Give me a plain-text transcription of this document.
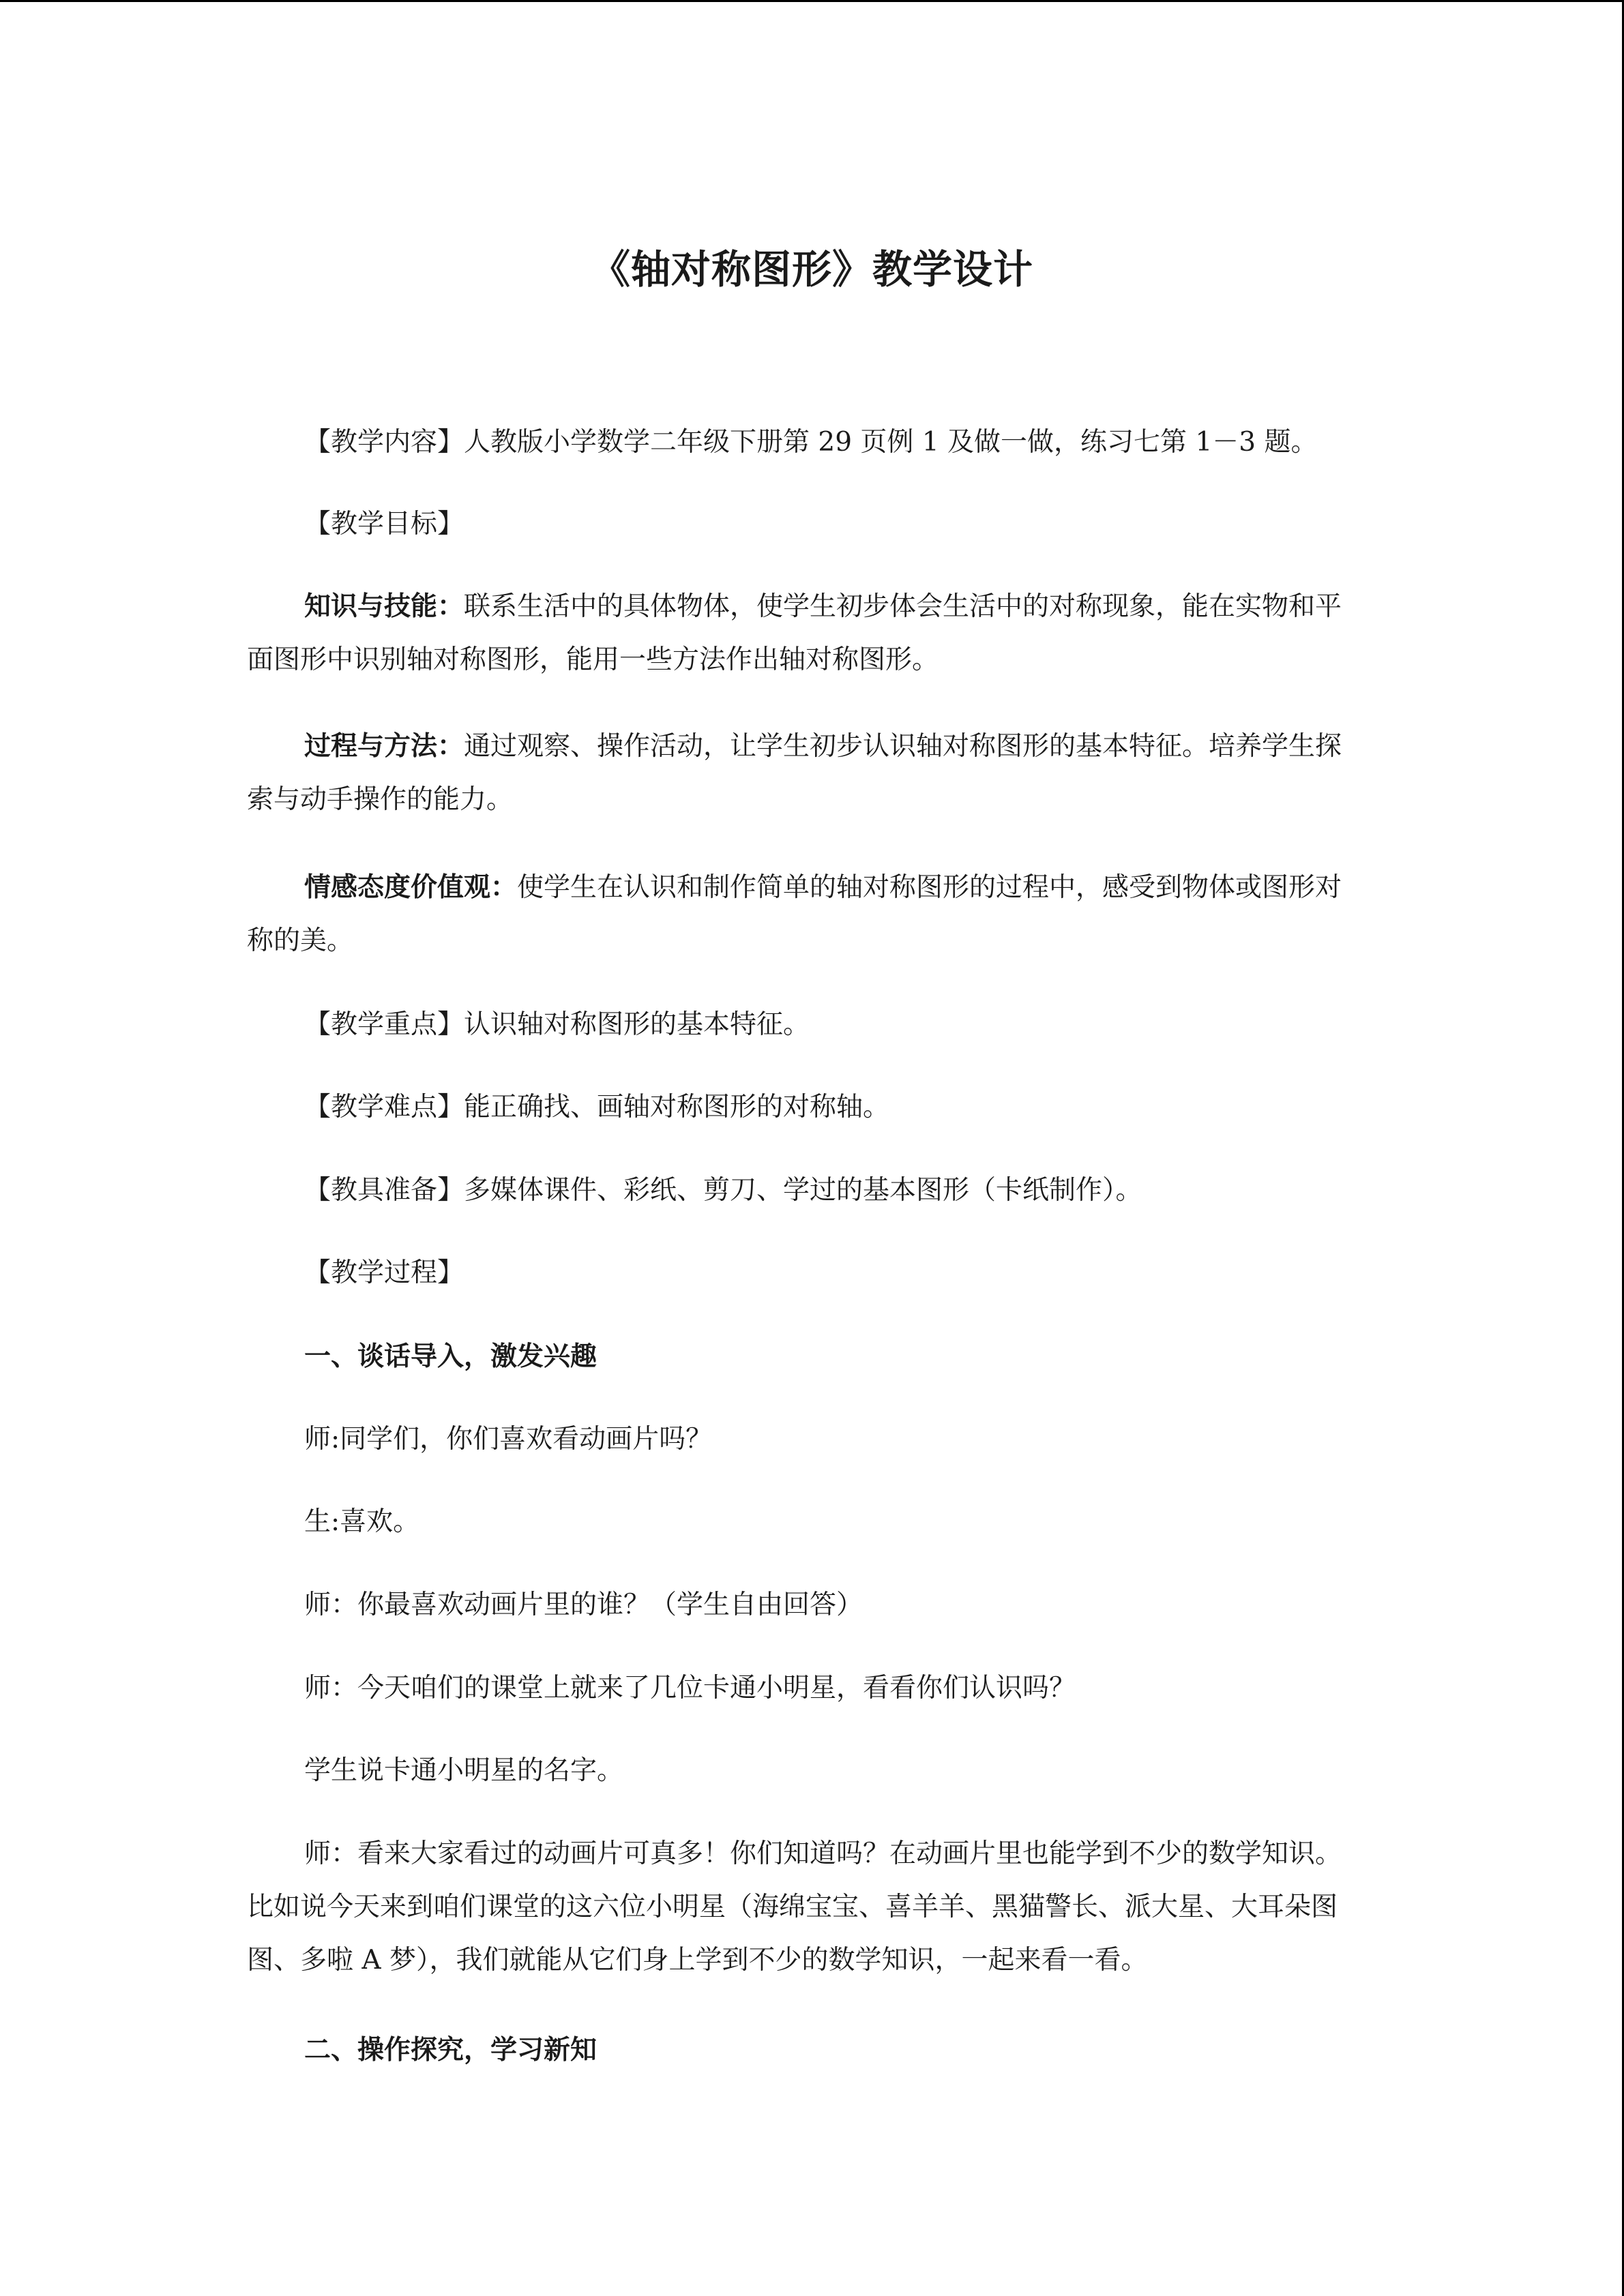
《轴对称图形》教学设计

【教学内容】人教版小学数学二年级下册第 29 页例 1 及做一做，练习七第 1－3 题。

【教学目标】

知识与技能：联系生活中的具体物体，使学生初步体会生活中的对称现象，能在实物和平面图形中识别轴对称图形，能用一些方法作出轴对称图形。

过程与方法：通过观察、操作活动，让学生初步认识轴对称图形的基本特征。培养学生探索与动手操作的能力。

情感态度价值观：使学生在认识和制作简单的轴对称图形的过程中，感受到物体或图形对称的美。

【教学重点】认识轴对称图形的基本特征。

【教学难点】能正确找、画轴对称图形的对称轴。

【教具准备】多媒体课件、彩纸、剪刀、学过的基本图形（卡纸制作）。

【教学过程】

一、谈话导入，激发兴趣

师:同学们，你们喜欢看动画片吗？

生:喜欢。

师：你最喜欢动画片里的谁？（学生自由回答）

师：今天咱们的课堂上就来了几位卡通小明星，看看你们认识吗？

学生说卡通小明星的名字。

师：看来大家看过的动画片可真多！你们知道吗？在动画片里也能学到不少的数学知识。比如说今天来到咱们课堂的这六位小明星（海绵宝宝、喜羊羊、黑猫警长、派大星、大耳朵图图、多啦 A 梦），我们就能从它们身上学到不少的数学知识，一起来看一看。

二、操作探究，学习新知
